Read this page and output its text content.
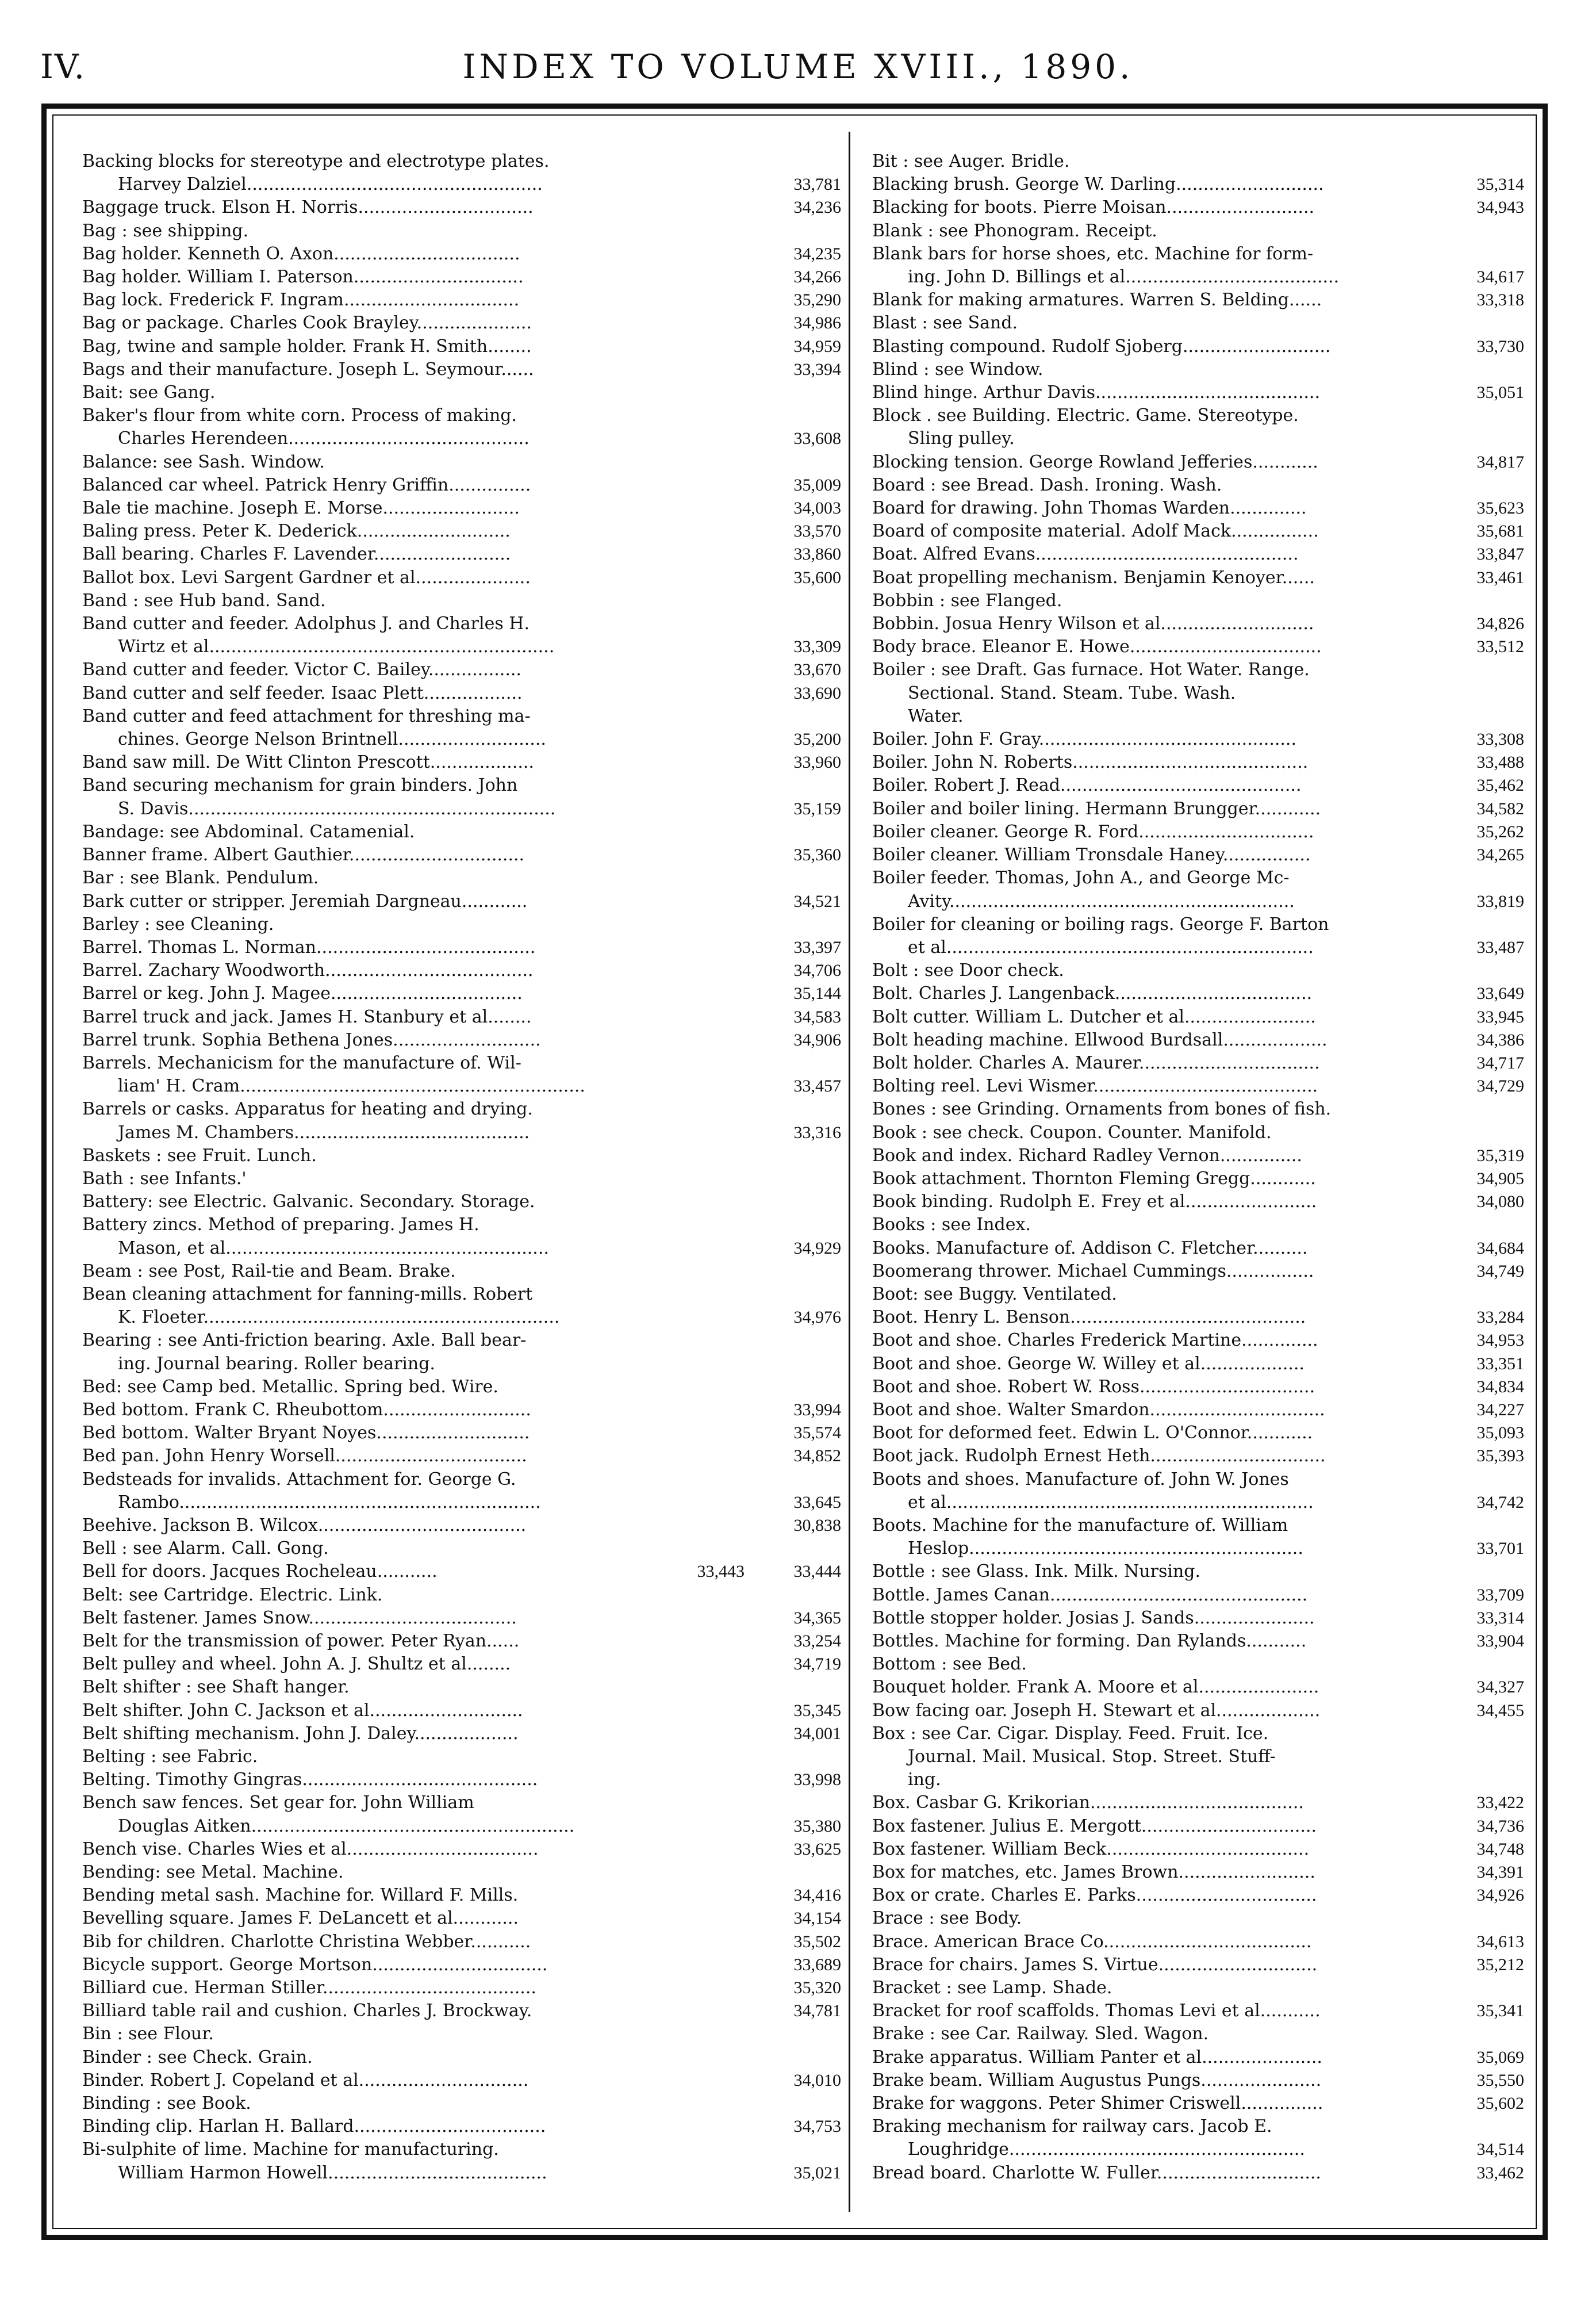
IV.	INDEX TO VOLUME XVIII., 1890.
Backing blocks for stereotype and electrotype plates.
Harvey Dalziel......................................................	33,781
Baggage truck. Elson H. Norris................................	34,236
Bag : see shipping.
Bag holder. Kenneth O. Axon..................................	34,235
Bag holder. William I. Paterson...............................	34,266
Bag lock. Frederick F. Ingram................................	35,290
Bag or package. Charles Cook Brayley.....................	34,986
Bag, twine and sample holder. Frank H. Smith........	34,959
Bags and their manufacture. Joseph L. Seymour......	33,394
Bait: see Gang.
Baker's flour from white corn. Process of making.
Charles Herendeen............................................	33,608
Balance: see Sash. Window.
Balanced car wheel. Patrick Henry Griffin...............	35,009
Bale tie machine. Joseph E. Morse.........................	34,003
Baling press. Peter K. Dederick............................	33,570
Ball bearing. Charles F. Lavender.........................	33,860
Ballot box. Levi Sargent Gardner et al.....................	35,600
Band : see Hub band. Sand.
Band cutter and feeder. Adolphus J. and Charles H.
Wirtz et al...............................................................	33,309
Band cutter and feeder. Victor C. Bailey.................	33,670
Band cutter and self feeder. Isaac Plett..................	33,690
Band cutter and feed attachment for threshing ma-
chines. George Nelson Brintnell...........................	35,200
Band saw mill. De Witt Clinton Prescott...................	33,960
Band securing mechanism for grain binders. John
S. Davis...................................................................	35,159
Bandage: see Abdominal. Catamenial.
Banner frame. Albert Gauthier................................	35,360
Bar : see Blank. Pendulum.
Bark cutter or stripper. Jeremiah Dargneau............	34,521
Barley : see Cleaning.
Barrel. Thomas L. Norman........................................	33,397
Barrel. Zachary Woodworth......................................	34,706
Barrel or keg. John J. Magee...................................	35,144
Barrel truck and jack. James H. Stanbury et al........	34,583
Barrel trunk. Sophia Bethena Jones...........................	34,906
Barrels. Mechanicism for the manufacture of. Wil-
liam' H. Cram...............................................................	33,457
Barrels or casks. Apparatus for heating and drying.
James M. Chambers...........................................	33,316
Baskets : see Fruit. Lunch.
Bath : see Infants.'
Battery: see Electric. Galvanic. Secondary. Storage.
Battery zincs. Method of preparing. James H.
Mason, et al...........................................................	34,929
Beam : see Post, Rail-tie and Beam. Brake.
Bean cleaning attachment for fanning-mills. Robert
K. Floeter.................................................................	34,976
Bearing : see Anti-friction bearing. Axle. Ball bear-
ing. Journal bearing. Roller bearing.
Bed: see Camp bed. Metallic. Spring bed. Wire.
Bed bottom. Frank C. Rheubottom...........................	33,994
Bed bottom. Walter Bryant Noyes............................	35,574
Bed pan. John Henry Worsell...................................	34,852
Bedsteads for invalids. Attachment for. George G.
Rambo..................................................................	33,645
Beehive. Jackson B. Wilcox......................................	30,838
Bell : see Alarm. Call. Gong.
Bell for doors. Jacques Rocheleau...........	33,443	33,444
Belt: see Cartridge. Electric. Link.
Belt fastener. James Snow......................................	34,365
Belt for the transmission of power. Peter Ryan......	33,254
Belt pulley and wheel. John A. J. Shultz et al........	34,719
Belt shifter : see Shaft hanger.
Belt shifter. John C. Jackson et al............................	35,345
Belt shifting mechanism. John J. Daley...................	34,001
Belting : see Fabric.
Belting. Timothy Gingras...........................................	33,998
Bench saw fences. Set gear for. John William
Douglas Aitken...........................................................	35,380
Bench vise. Charles Wies et al...................................	33,625
Bending: see Metal. Machine.
Bending metal sash. Machine for. Willard F. Mills.	34,416
Bevelling square. James F. DeLancett et al............	34,154
Bib for children. Charlotte Christina Webber...........	35,502
Bicycle support. George Mortson................................	33,689
Billiard cue. Herman Stiller.......................................	35,320
Billiard table rail and cushion. Charles J. Brockway.	34,781
Bin : see Flour.
Binder : see Check. Grain.
Binder. Robert J. Copeland et al...............................	34,010
Binding : see Book.
Binding clip. Harlan H. Ballard...................................	34,753
Bi-sulphite of lime. Machine for manufacturing.
William Harmon Howell........................................	35,021
Bit : see Auger. Bridle.
Blacking brush. George W. Darling...........................	35,314
Blacking for boots. Pierre Moisan...........................	34,943
Blank : see Phonogram. Receipt.
Blank bars for horse shoes, etc. Machine for form-
ing. John D. Billings et al.......................................	34,617
Blank for making armatures. Warren S. Belding......	33,318
Blast : see Sand.
Blasting compound. Rudolf Sjoberg...........................	33,730
Blind : see Window.
Blind hinge. Arthur Davis.........................................	35,051
Block . see Building. Electric. Game. Stereotype.
Sling pulley.
Blocking tension. George Rowland Jefferies............	34,817
Board : see Bread. Dash. Ironing. Wash.
Board for drawing. John Thomas Warden..............	35,623
Board of composite material. Adolf Mack................	35,681
Boat. Alfred Evans................................................	33,847
Boat propelling mechanism. Benjamin Kenoyer......	33,461
Bobbin : see Flanged.
Bobbin. Josua Henry Wilson et al............................	34,826
Body brace. Eleanor E. Howe...................................	33,512
Boiler : see Draft. Gas furnace. Hot Water. Range.
Sectional. Stand. Steam. Tube. Wash.
Water.
Boiler. John F. Gray...............................................	33,308
Boiler. John N. Roberts...........................................	33,488
Boiler. Robert J. Read............................................	35,462
Boiler and boiler lining. Hermann Brungger............	34,582
Boiler cleaner. George R. Ford................................	35,262
Boiler cleaner. William Tronsdale Haney................	34,265
Boiler feeder. Thomas, John A., and George Mc-
Avity...............................................................	33,819
Boiler for cleaning or boiling rags. George F. Barton
et al...................................................................	33,487
Bolt : see Door check.
Bolt. Charles J. Langenback....................................	33,649
Bolt cutter. William L. Dutcher et al........................	33,945
Bolt heading machine. Ellwood Burdsall...................	34,386
Bolt holder. Charles A. Maurer.................................	34,717
Bolting reel. Levi Wismer.........................................	34,729
Bones : see Grinding. Ornaments from bones of fish.
Book : see check. Coupon. Counter. Manifold.
Book and index. Richard Radley Vernon...............	35,319
Book attachment. Thornton Fleming Gregg............	34,905
Book binding. Rudolph E. Frey et al........................	34,080
Books : see Index.
Books. Manufacture of. Addison C. Fletcher..........	34,684
Boomerang thrower. Michael Cummings................	34,749
Boot: see Buggy. Ventilated.
Boot. Henry L. Benson...........................................	33,284
Boot and shoe. Charles Frederick Martine..............	34,953
Boot and shoe. George W. Willey et al...................	33,351
Boot and shoe. Robert W. Ross................................	34,834
Boot and shoe. Walter Smardon................................	34,227
Boot for deformed feet. Edwin L. O'Connor............	35,093
Boot jack. Rudolph Ernest Heth................................	35,393
Boots and shoes. Manufacture of. John W. Jones
et al...................................................................	34,742
Boots. Machine for the manufacture of. William
Heslop.............................................................	33,701
Bottle : see Glass. Ink. Milk. Nursing.
Bottle. James Canan...............................................	33,709
Bottle stopper holder. Josias J. Sands......................	33,314
Bottles. Machine for forming. Dan Rylands...........	33,904
Bottom : see Bed.
Bouquet holder. Frank A. Moore et al......................	34,327
Bow facing oar. Joseph H. Stewart et al...................	34,455
Box : see Car. Cigar. Display. Feed. Fruit. Ice.
Journal. Mail. Musical. Stop. Street. Stuff-
ing.
Box. Casbar G. Krikorian.......................................	33,422
Box fastener. Julius E. Mergott................................	34,736
Box fastener. William Beck.....................................	34,748
Box for matches, etc. James Brown.........................	34,391
Box or crate. Charles E. Parks.................................	34,926
Brace : see Body.
Brace. American Brace Co......................................	34,613
Brace for chairs. James S. Virtue.............................	35,212
Bracket : see Lamp. Shade.
Bracket for roof scaffolds. Thomas Levi et al...........	35,341
Brake : see Car. Railway. Sled. Wagon.
Brake apparatus. William Panter et al......................	35,069
Brake beam. William Augustus Pungs......................	35,550
Brake for waggons. Peter Shimer Criswell...............	35,602
Braking mechanism for railway cars. Jacob E.
Loughridge......................................................	34,514
Bread board. Charlotte W. Fuller..............................	33,462
